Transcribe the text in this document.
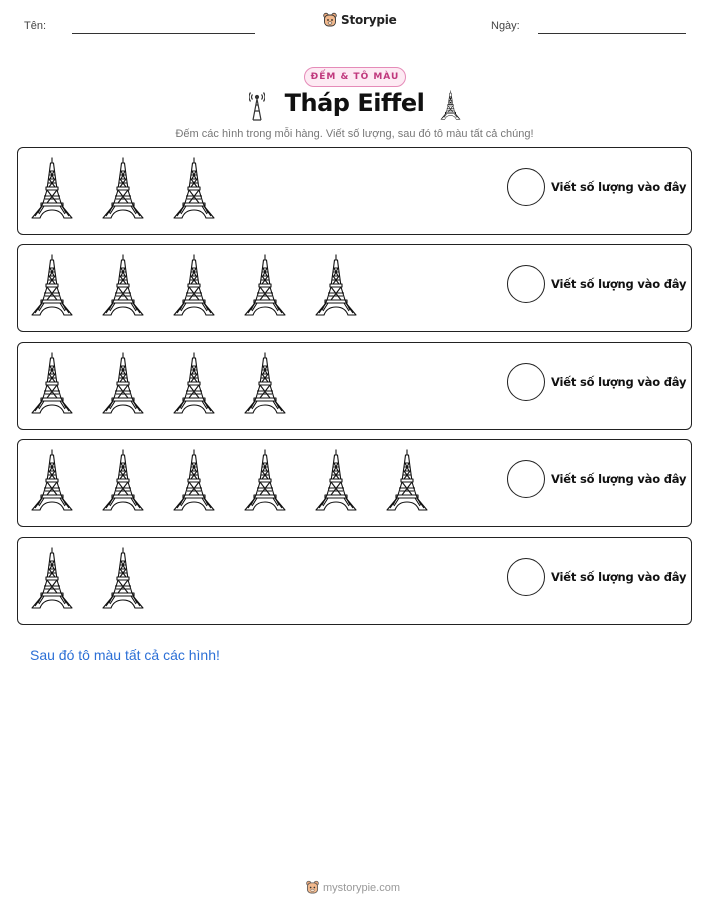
Tên:	Storypie	Ngày:
ĐẾM & TÔ MÀU
Tháp Eiffel
Đếm các hình trong mỗi hàng. Viết số lượng, sau đó tô màu tất cả chúng!
Viết số lượng vào đây
Viết số lượng vào đây
Viết số lượng vào đây
Viết số lượng vào đây
Viết số lượng vào đây
Sau đó tô màu tất cả các hình!
mystorypie.com
